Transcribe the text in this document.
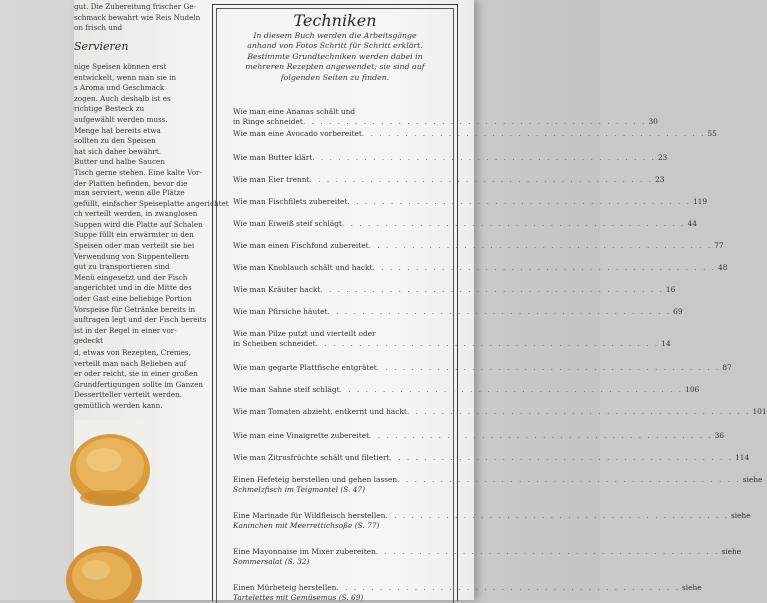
gut. Die Zubereitung frischer Ge-
schmack bewahrt wie Reis Nudeln
on frisch und
Servieren
nige Speisen können erst
entwickelt, wenn man sie in
s Aroma und Geschmack
zogen. Auch deshalb ist es
richtige Besteck zu
aufgewählt werden muss.
Menge hat bereits etwa
sollten zu den Speisen
hat sich daher bewährt.
Butter und halbe Saucen
Tisch gerne stehen. Eine kalte Vor-
der Platten befinden, bevor die
man serviert, wenn alle Plätze
gefüllt, einfacher Speiseplatte angerichtet
ch verteilt werden, in zwanglosen
Suppen wird die Platte auf Schalen
Suppe füllt ein erwärmter in den
Speisen oder man verteilt sie bei
Verwendung von Suppentellern
gut zu transportieren sind
Menü eingesetzt und der Fisch
angerichtet und in die Mitte des
oder Gast eine beliebige Portion
Vorspeise für Getränke bereits in
auftragen legt und der Fisch bereits
ist in der Regel in einer vor-
gedeckt
d, etwas von Rezepten, Cremes,
verteilt man nach Belieben auf
er oder reicht, sie in einer großen
Grundfertigungen sollte im Ganzen
Dessertteller verteilt werden.
gemütlich werden kann.
Techniken
In diesem Buch werden die Arbeitsgänge
anhand von Fotos Schritt für Schritt erklärt.
Bestimmte Grundtechniken werden dabei in
mehreren Rezepten angewendet; sie sind auf
folgenden Seiten zu finden.
Wie man eine Ananas schält und
in Ringe schneidet . . . . . . . . . . . . . . . . . . . . . . . . . . . . . . . . . . . . . . . . 30
Wie man eine Avocado vorbereitet . . . . . . . . . . . . . . . . . . . . . . . . . . . . . . . . . . . . . . . . 55
Wie man Butter klärt . . . . . . . . . . . . . . . . . . . . . . . . . . . . . . . . . . . . . . . . 23
Wie man Eier trennt . . . . . . . . . . . . . . . . . . . . . . . . . . . . . . . . . . . . . . . . 23
Wie man Fischfilets zubereitet . . . . . . . . . . . . . . . . . . . . . . . . . . . . . . . . . . . . . . . . 119
Wie man Eiweiß steif schlägt . . . . . . . . . . . . . . . . . . . . . . . . . . . . . . . . . . . . . . . . 44
Wie man einen Fischfond zubereitet . . . . . . . . . . . . . . . . . . . . . . . . . . . . . . . . . . . . . . . . 77
Wie man Knoblauch schält und hackt . . . . . . . . . . . . . . . . . . . . . . . . . . . . . . . . . . . . . . . . 48
Wie man Kräuter hackt . . . . . . . . . . . . . . . . . . . . . . . . . . . . . . . . . . . . . . . . 16
Wie man Pfirsiche häutet . . . . . . . . . . . . . . . . . . . . . . . . . . . . . . . . . . . . . . . . 69
Wie man Pilze putzt und vierteilt oder
in Scheiben schneidet . . . . . . . . . . . . . . . . . . . . . . . . . . . . . . . . . . . . . . . . 14
Wie man gegarte Plattfische entgrätet . . . . . . . . . . . . . . . . . . . . . . . . . . . . . . . . . . . . . . . . 87
Wie man Sahne steif schlägt . . . . . . . . . . . . . . . . . . . . . . . . . . . . . . . . . . . . . . . . 106
Wie man Tomaten abzieht, entkernt und hackt . . . . . . . . . . . . . . . . . . . . . . . . . . . . . . . . . . . . . . . . 101
Wie man eine Vinaigrette zubereitet . . . . . . . . . . . . . . . . . . . . . . . . . . . . . . . . . . . . . . . . 36
Wie man Zitrusfrüchte schält und filetiert . . . . . . . . . . . . . . . . . . . . . . . . . . . . . . . . . . . . . . . . 114
Einen Hefeteig herstellen und gehen lassen . . . . . . . . . . . . . . . . . . . . . . . . . . . . . . . . . . . . . . . . siehe
Schmelzfisch im Teigmantel (S. 47)
Eine Marinade für Wildfleisch herstellen . . . . . . . . . . . . . . . . . . . . . . . . . . . . . . . . . . . . . . . . siehe
Kaninchen mit Meerrettichsoße (S. 77)
Eine Mayonnaise im Mixer zubereiten . . . . . . . . . . . . . . . . . . . . . . . . . . . . . . . . . . . . . . . . siehe
Sommersalat (S. 32)
Einen Mürbeteig herstellen . . . . . . . . . . . . . . . . . . . . . . . . . . . . . . . . . . . . . . . . siehe
Tartelettes mit Gemüsemus (S. 69)
